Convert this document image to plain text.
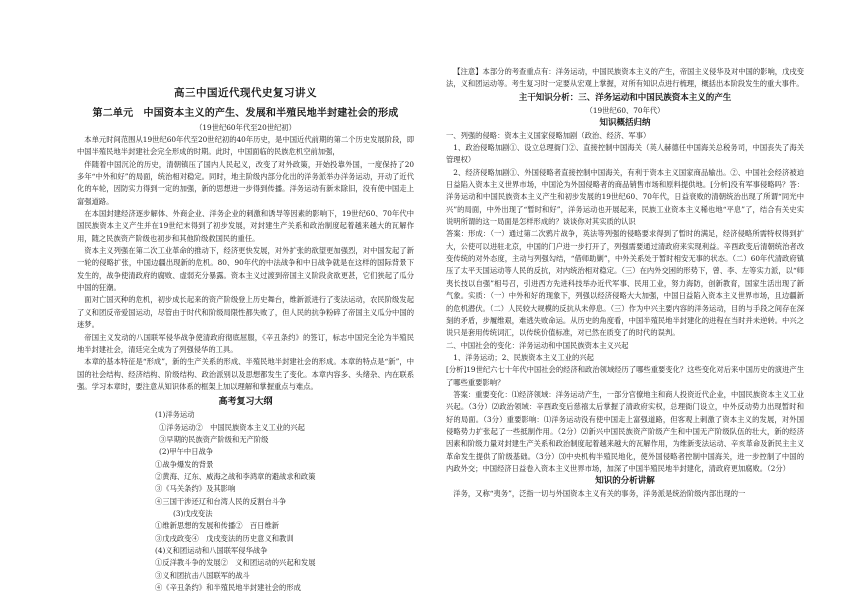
高三中国近代现代史复习讲义
第二单元　中国资本主义的产生、发展和半殖民地半封建社会的形成
（19世纪60年代至20世纪初）

本单元时间范围从19世纪60年代至20世纪初的40年历史，是中国近代前期的第二个历史发展阶段，即中国半殖民地半封建社会完全形成的时期。此时，中国面临的民族危机空前加强，

伴随着中国沉沦的历史，清朝镇压了国内人民起义，改变了对外政策，开始投靠外国，一度保持了20多年“中外和好”的局面，统治相对稳定。同时，地主阶级内部分化出的洋务派举办洋务运动，开动了近代化的车轮，因防实力得到一定的加强，新的思想进一步得到传播。洋务运动有新未除旧，没有使中国走上富强道路。

在本国封建经济逐步解体、外商企业、洋务企业的刺激和诱导等因素的影响下，19世纪60、70年代中国民族资本主义产生并在19世纪末得到了初步发展，对封建生产关系和政治制度起着越来越大的瓦解作用，随之民族资产阶级也初步和其他阶级救国民的重任。

资本主义列强在第二次工业革命的推动下，经济更快发展，对外扩张的欲望更加强烈，对中国发起了新一轮的侵略扩张，中国边疆出现新的危机。80、90年代的中法战争和中日战争就是在这样的国际背景下发生的，战争使清政府的腐败、虚弱充分暴露。资本主义过渡到帝国主义阶段贪欲更甚，它们狭起了瓜分中国的狂潮。

面对亡国灭种的危机，初步成长起来的资产阶级登上历史舞台，维新派进行了变法运动，农民阶级发起了义和团反帝爱国运动，尽管由于时代和阶级局限性都失败了，但人民的抗争粉碎了帝国主义瓜分中国的迷梦。

帝国主义发动的八国联军侵华战争使清政府彻底屈服，《辛丑条约》的签订，标志中国完全沦为半殖民地半封建社会，清廷完全成为了列强侵华的工具。

本章的基本特征是“形成”，新的生产关系的形成、半殖民地半封建社会的形成。本章的特点是“新”，中国的社会结构、经济结构、阶级结构、政治派别以及思想都发生了变化。本章内容多、头绪杂、内在联系强。学习本章时，要注意从知识体系的框架上加以理解和掌握重点与难点。

高考复习大纲

(1)洋务运动

①洋务运动②　中国民族资本主义工业的兴起

③早期的民族资产阶级和无产阶级

(2)甲午中日战争

①战争爆发的背景

②黄海、辽东、威海之战和李鸿章的避战求和政策

③《马关条约》及其影响

④三国干涉还辽和台湾人民的反割台斗争

(3)戊戌变法

①维新思想的发展和传播②　百日维新

③戊戌政变④　戊戌变法的历史意义和教训

(4)义和团运动和八国联军侵华战争

①反洋教斗争的发展②　义和团运动的兴起和发展

③义和团抗击八国联军的战斗

④《辛丑条约》和半殖民地半封建社会的形成

【注意】本部分的考查重点有：洋务运动，中国民族资本主义的产生，帝国主义侵华及对中国的影响，戊戌变法，义和团运动等。考生复习时一定要从宏观上掌握，对所有知识点进行梳理，概括出本阶段发生的重大事件。

主干知识分析：三、洋务运动和中国民族资本主义的产生
（19世纪60、70年代）
知识概括归纳

一、列强的侵略：资本主义国家侵略加剧（政治、经济、军事）

1、政治侵略加剧①、设立总理衙门②、直接控制中国海关（英人赫德任中国海关总税务司，中国丧失了海关管理权）

2、经济侵略加剧①、外国侵略者直接控制中国海关，有利于资本主义国家商品输出。②、中国社会经济被迫日益陷入资本主义世界市场，中国沦为外国侵略者的商品销售市场和原料提供地。[分析]没有军事侵略吗？答：洋务运动和中国民族资本主义产生和初步发展的19世纪60、70年代，日益衰败的清朝统治出现了所谓“同光中兴”的局面，中外出现了“暂时和好”，洋务运动也开展起来，民族工业资本主义稀也地“平息”了，结合有关史实说明所谓的这一局面是怎样形成的？谈谈你对其实质的认识

答案：形成：（一）通过第二次鸦片战争，英法等列强的侵略要求得到了暂时的满足，经济侵略所需特权得到扩大，公使可以进驻北京，中国的门户进一步打开了，列强需要通过清政府来实现利益。辛酉政变后清朝统治者改变传统的对外态度，主动与列强勾结，“借师助剿”，中外关系处于暂时相安无事的状态。（二）60年代清政府镇压了太平天国运动等人民的反抗，对内统治相对稳定。（三）在内外交困的形势下，曾、李、左等实力派，以“师夷长技以自强”相号召，引进西方先进科技举办近代军事、民用工业，努力海防，创新教育，国家生活出现了新气象。实质：（一）中外和好的现象下，列强以经济侵略大大加强，中国日益陷入资本主义世界市场，且边疆新的危机潜伏。（二）人民较大规模的反抗从未停息。（三）作为中兴主要内容的洋务运动，目的与手段之间存在深刻的矛盾，步履维艰，难逃失败命运。从历史的角度看，中国半殖民地半封建化的进程在当时并未逆转。中兴之说只是套用传统词汇，以传统价值标准，对已然在质变了的时代的误判。

二、中国社会的变化：洋务运动和中国民族资本主义兴起

1、洋务运动；2、民族资本主义工业的兴起

[分析]19世纪六七十年代中国社会的经济和政治领域经历了哪些重要变化？这些变化对后来中国历史的演进产生了哪些重要影响？

答案：重要变化：⑴经济领域：洋务运动产生，一部分官僚地主和商人投资近代企业，中国民族资本主义工业兴起。（3分）⑵政治领域：辛酉政变后慈禧太后掌握了清政府实权，总理衙门设立，中外反动势力出现暂时和好的局面。（3分）重要影响：⑴洋务运动没有使中国走上富强道路，但客观上刺激了资本主义的发展，对外国侵略势力扩张起了一些抵制作用。（2分）⑵新兴中国民族资产阶级产生和中国无产阶级队伍的壮大，新的经济因素和阶级力量对封建生产关系和政治制度起着越来越大的瓦解作用，为维新变法运动、辛亥革命及新民主主义革命发生提供了阶级基础。（3分）⑶中央机构半殖民地化，使外国侵略者控制中国海关，进一步控制了中国的内政外交；中国经济日益卷入资本主义世界市场，加深了中国半殖民地半封建化，清政府更加腐败。（2分）

知识的分析讲解

洋务，又称“夷务”，泛指一切与外国资本主义有关的事务，洋务派是统治阶级内部出现的一
